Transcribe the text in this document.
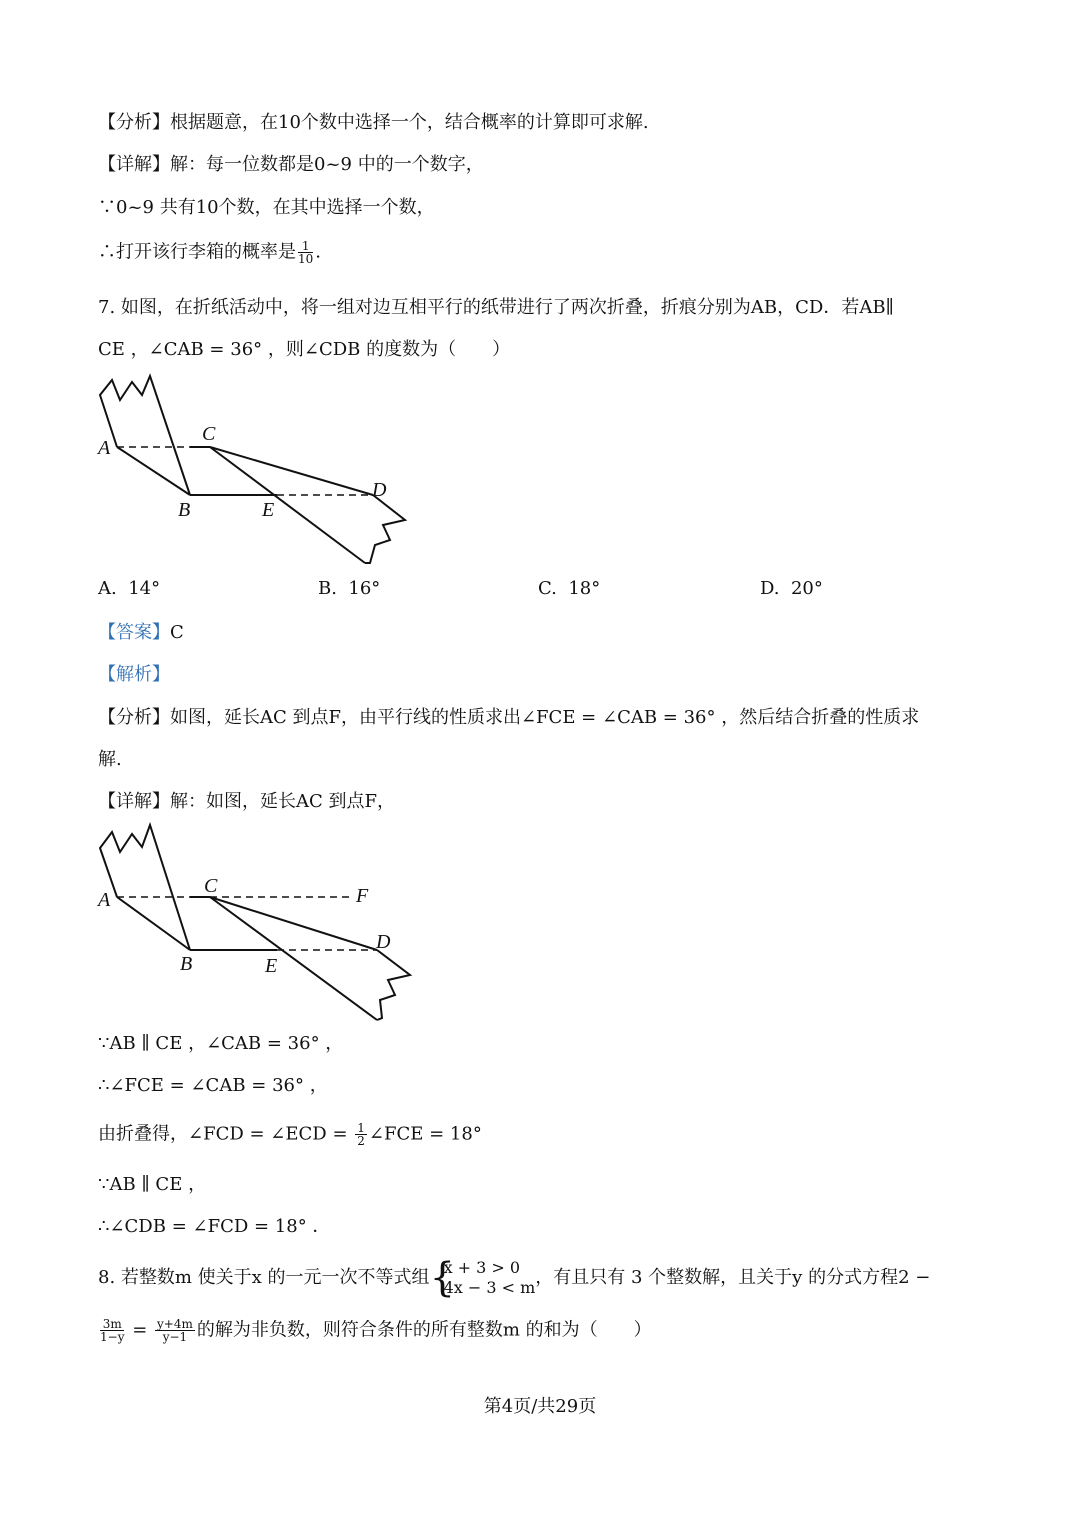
【分析】根据题意，在10个数中选择一个，结合概率的计算即可求解.
【详解】解：每一位数都是0~9 中的一个数字，
∵0~9 共有10个数，在其中选择一个数，
∴打开该行李箱的概率是 $\frac{1}{10}$ .
7. 如图，在折纸活动中，将一组对边互相平行的纸带进行了两次折叠，折痕分别为AB，CD．若AB∥
CE ，∠CAB = 36° ，则∠CDB 的度数为（　　）
A
C
B	E
D
A. 14°	B. 16°	C. 18°	D. 20°
【答案】C
【解析】
【分析】如图，延长AC 到点F，由平行线的性质求出∠FCE = ∠CAB = 36° ，然后结合折叠的性质求
解.
【详解】解：如图，延长AC 到点F，
A
C	F
B	E
D
∵AB ∥ CE ，∠CAB = 36° ，
∴∠FCE = ∠CAB = 36° ，
由折叠得，∠FCD = ∠ECD = $\frac{1}{2}$ ∠FCE = 18°
∵AB ∥ CE ，
∴∠CDB = ∠FCD = 18° ．
8. 若整数m 使关于x 的一元一次不等式组 {
x + 3 > 0
4x − 3 < m ，有且只有 3 个整数解，且关于y 的分式方程2 −
$\frac{3m}{1-y} = \frac{y+4m}{y-1}$ 的解为非负数，则符合条件的所有整数m 的和为（　　）
第4页/共29页
